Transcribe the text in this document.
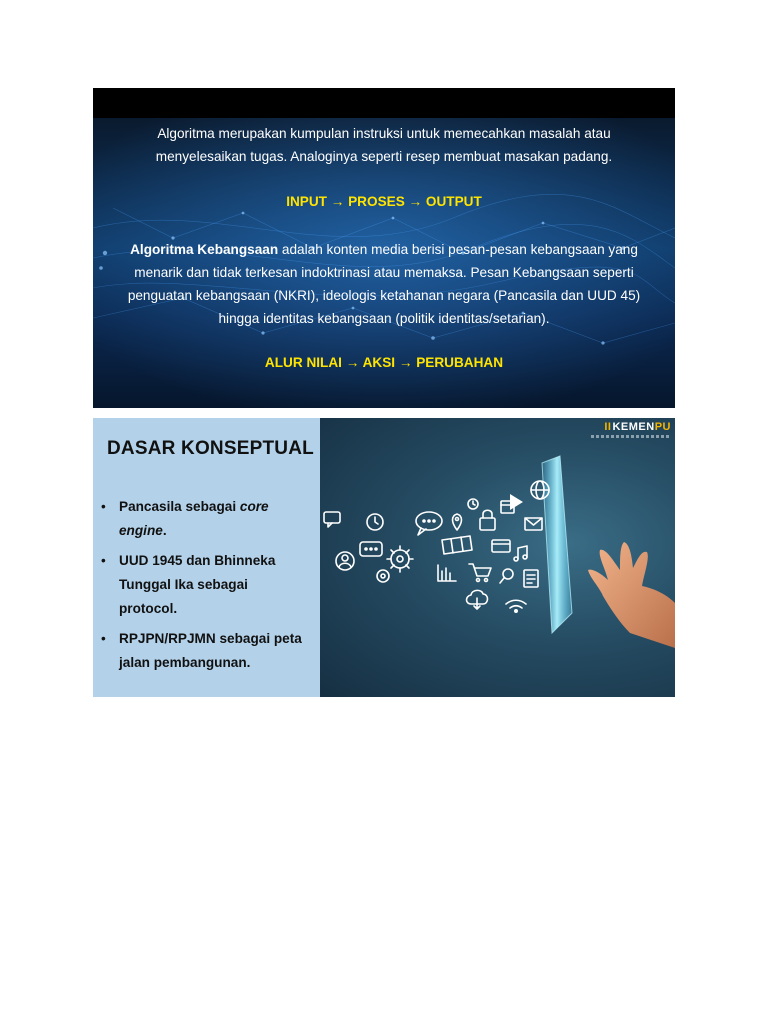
Algoritma merupakan kumpulan instruksi untuk memecahkan masalah atau
menyelesaikan tugas. Analoginya seperti resep membuat masakan padang.

INPUT → PROSES → OUTPUT

Algoritma Kebangsaan adalah konten media berisi pesan-pesan kebangsaan yang
menarik dan tidak terkesan indoktrinasi atau memaksa. Pesan Kebangsaan seperti
penguatan kebangsaan (NKRI), ideologis ketahanan negara (Pancasila dan UUD 45)
hingga identitas kebangsaan (politik identitas/setarian).

ALUR NILAI → AKSI → PERUBAHAN

DASAR KONSEPTUAL
• Pancasila sebagai core
engine.
• UUD 1945 dan Bhinneka
Tunggal Ika sebagai
protocol.
• RPJPN/RPJMN sebagai peta
jalan pembangunan.
IIKEMENPU
